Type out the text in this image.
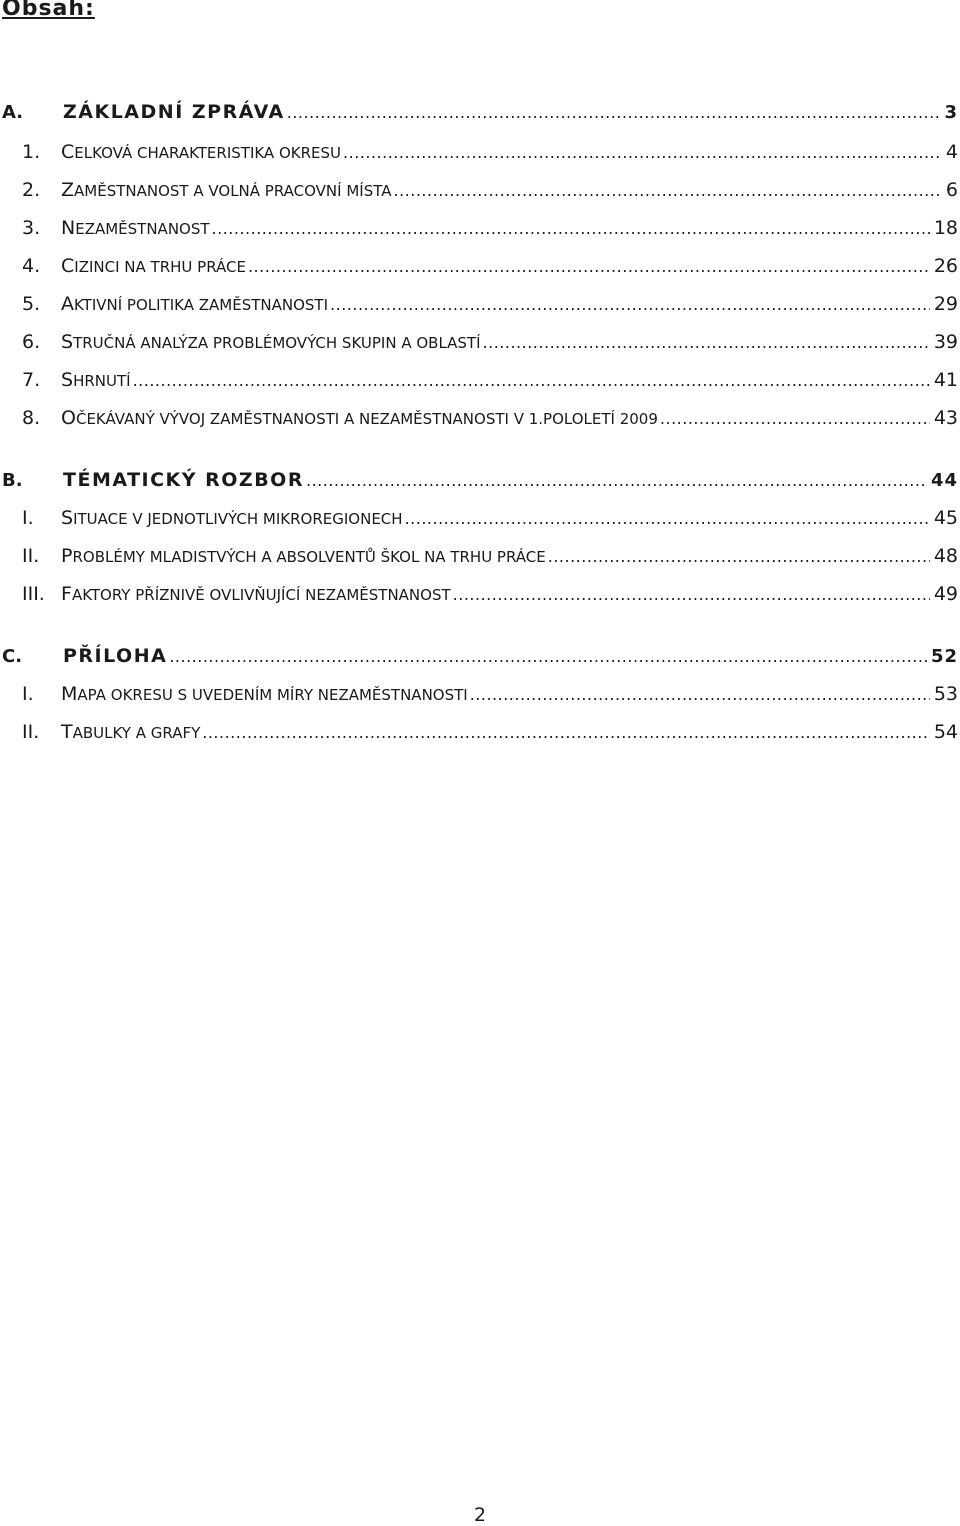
Obsah:
A. ZÁKLADNÍ ZPRÁVA .....	3
1. CELKOVÁ CHARAKTERISTIKA OKRESU .....	4
2. ZAMĚSTNANOST A VOLNÁ PRACOVNÍ MÍSTA .....	6
3. NEZAMĚSTNANOST .....	18
4. CIZINCI NA TRHU PRÁCE .....	26
5. AKTIVNÍ POLITIKA ZAMĚSTNANOSTI .....	29
6. STRUČNÁ ANALÝZA PROBLÉMOVÝCH SKUPIN A OBLASTÍ .....	39
7. SHRNUTÍ .....	41
8. OČEKÁVANÝ VÝVOJ ZAMĚSTNANOSTI A NEZAMĚSTNANOSTI V 1.POLOLETÍ 2009 .....	43
B. TÉMATICKÝ ROZBOR .....	44
I. SITUACE V JEDNOTLIVÝCH MIKROREGIONECH .....	45
II. PROBLÉMY MLADISTVÝCH A ABSOLVENTŮ ŠKOL NA TRHU PRÁCE .....	48
III. FAKTORY PŘÍZNIVĚ OVLIVŇUJÍCÍ NEZAMĚSTNANOST .....	49
C. PŘÍLOHA .....	52
I. MAPA OKRESU S UVEDENÍM MÍRY NEZAMĚSTNANOSTI .....	53
II. TABULKY A GRAFY .....	54
2
